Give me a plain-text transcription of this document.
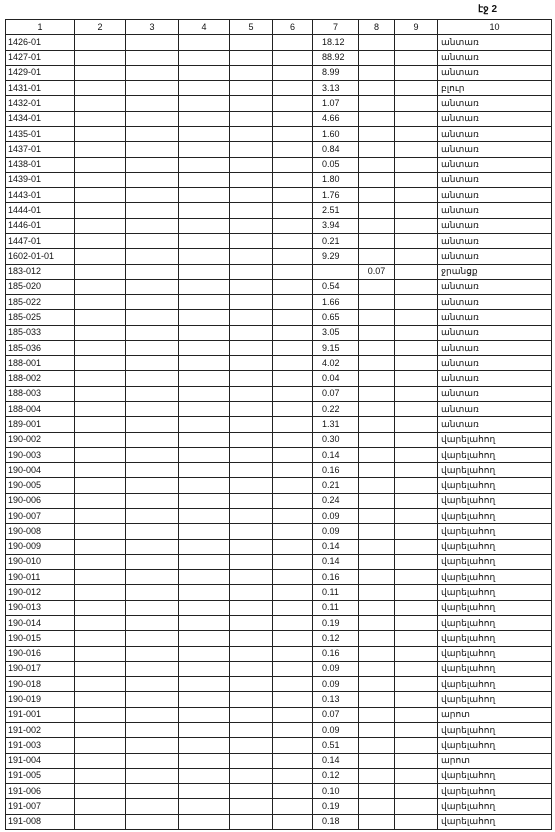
էջ 2
1	2	3	4	5	6	7	8	9	10
1426-01						18.12			անտառ
1427-01						88.92			անտառ
1429-01						8.99			անտառ
1431-01						3.13			բլուր
1432-01						1.07			անտառ
1434-01						4.66			անտառ
1435-01						1.60			անտառ
1437-01						0.84			անտառ
1438-01						0.05			անտառ
1439-01						1.80			անտառ
1443-01						1.76			անտառ
1444-01						2.51			անտառ
1446-01						3.94			անտառ
1447-01						0.21			անտառ
1602-01-01						9.29			անտառ
183-012							0.07		ջրանցք
185-020						0.54			անտառ
185-022						1.66			անտառ
185-025						0.65			անտառ
185-033						3.05			անտառ
185-036						9.15			անտառ
188-001						4.02			անտառ
188-002						0.04			անտառ
188-003						0.07			անտառ
188-004						0.22			անտառ
189-001						1.31			անտառ
190-002						0.30			վարելահող
190-003						0.14			վարելահող
190-004						0.16			վարելահող
190-005						0.21			վարելահող
190-006						0.24			վարելահող
190-007						0.09			վարելահող
190-008						0.09			վարելահող
190-009						0.14			վարելահող
190-010						0.14			վարելահող
190-011						0.16			վարելահող
190-012						0.11			վարելահող
190-013						0.11			վարելահող
190-014						0.19			վարելահող
190-015						0.12			վարելահող
190-016						0.16			վարելահող
190-017						0.09			վարելահող
190-018						0.09			վարելահող
190-019						0.13			վարելահող
191-001						0.07			արոտ
191-002						0.09			վարելահող
191-003						0.51			վարելահող
191-004						0.14			արոտ
191-005						0.12			վարելահող
191-006						0.10			վարելահող
191-007						0.19			վարելահող
191-008						0.18			վարելահող
